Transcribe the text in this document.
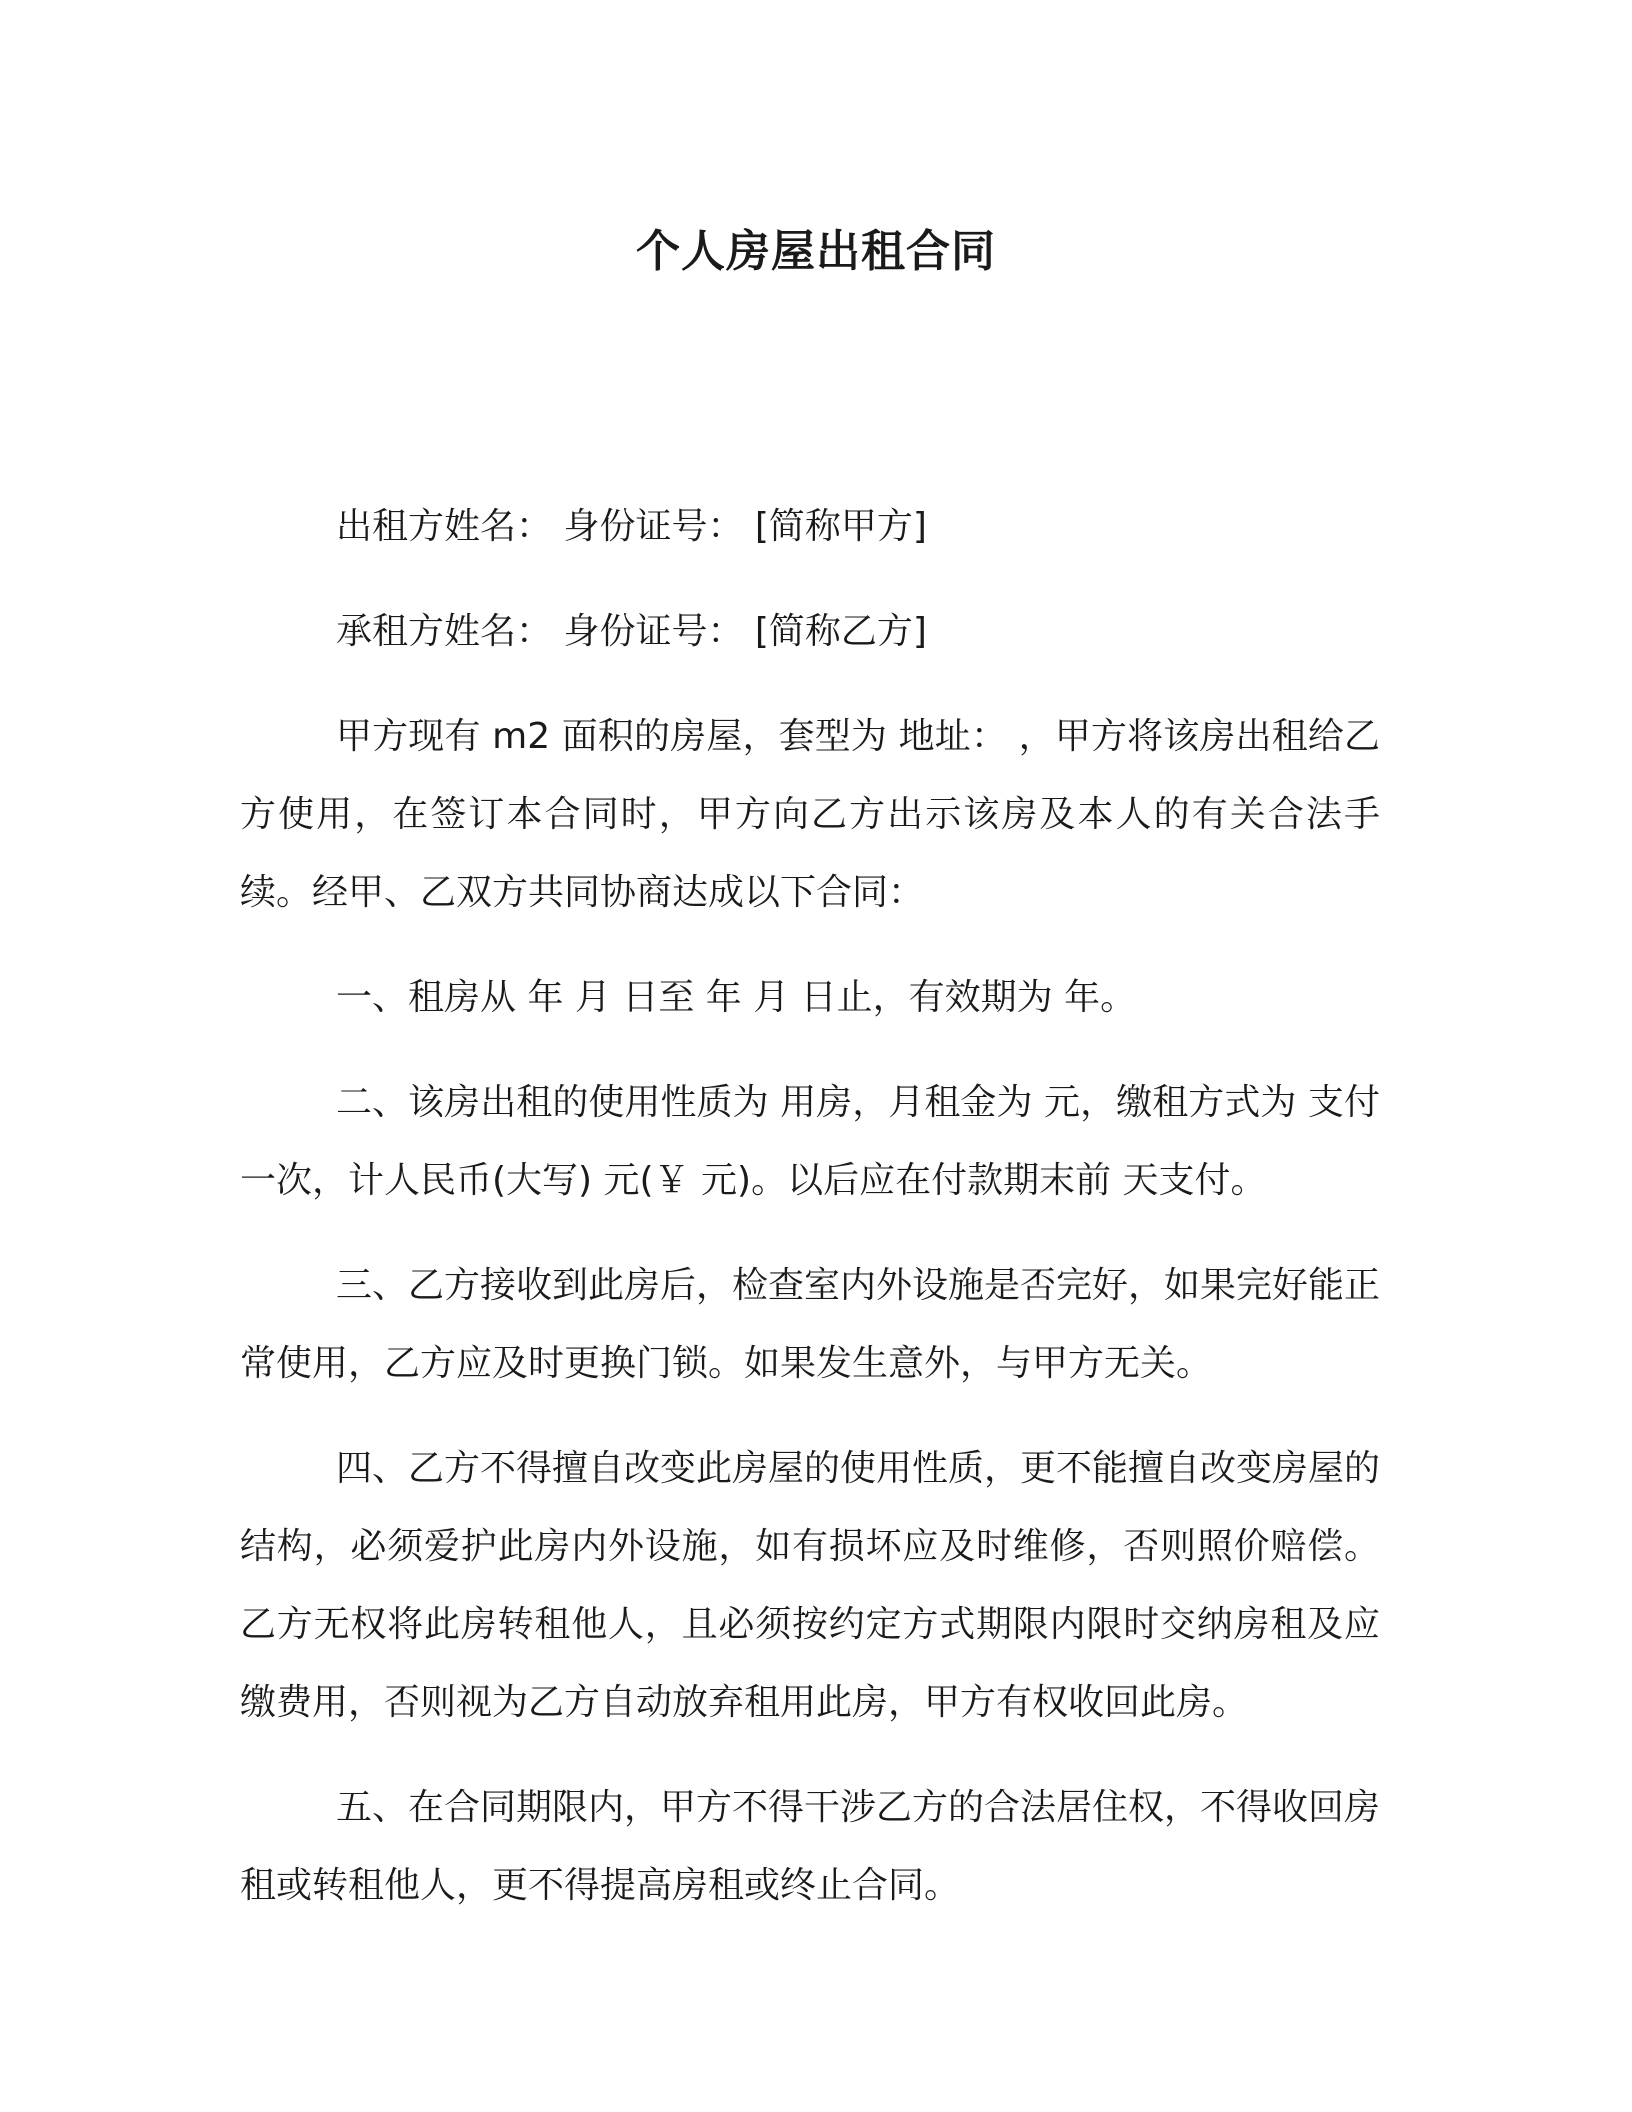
个人房屋出租合同

出租方姓名： 身份证号： [简称甲方]

承租方姓名： 身份证号： [简称乙方]

甲方现有 m2 面积的房屋，套型为 地址： ，甲方将该房出租给乙方使用，在签订本合同时，甲方向乙方出示该房及本人的有关合法手续。经甲、乙双方共同协商达成以下合同：

一、租房从 年 月 日至 年 月 日止，有效期为 年。

二、该房出租的使用性质为 用房，月租金为 元，缴租方式为 支付一次，计人民币(大写) 元(￥ 元)。以后应在付款期末前 天支付。

三、乙方接收到此房后，检查室内外设施是否完好，如果完好能正常使用，乙方应及时更换门锁。如果发生意外，与甲方无关。

四、乙方不得擅自改变此房屋的使用性质，更不能擅自改变房屋的结构，必须爱护此房内外设施，如有损坏应及时维修，否则照价赔偿。乙方无权将此房转租他人，且必须按约定方式期限内限时交纳房租及应缴费用，否则视为乙方自动放弃租用此房，甲方有权收回此房。

五、在合同期限内，甲方不得干涉乙方的合法居住权，不得收回房租或转租他人，更不得提高房租或终止合同。
